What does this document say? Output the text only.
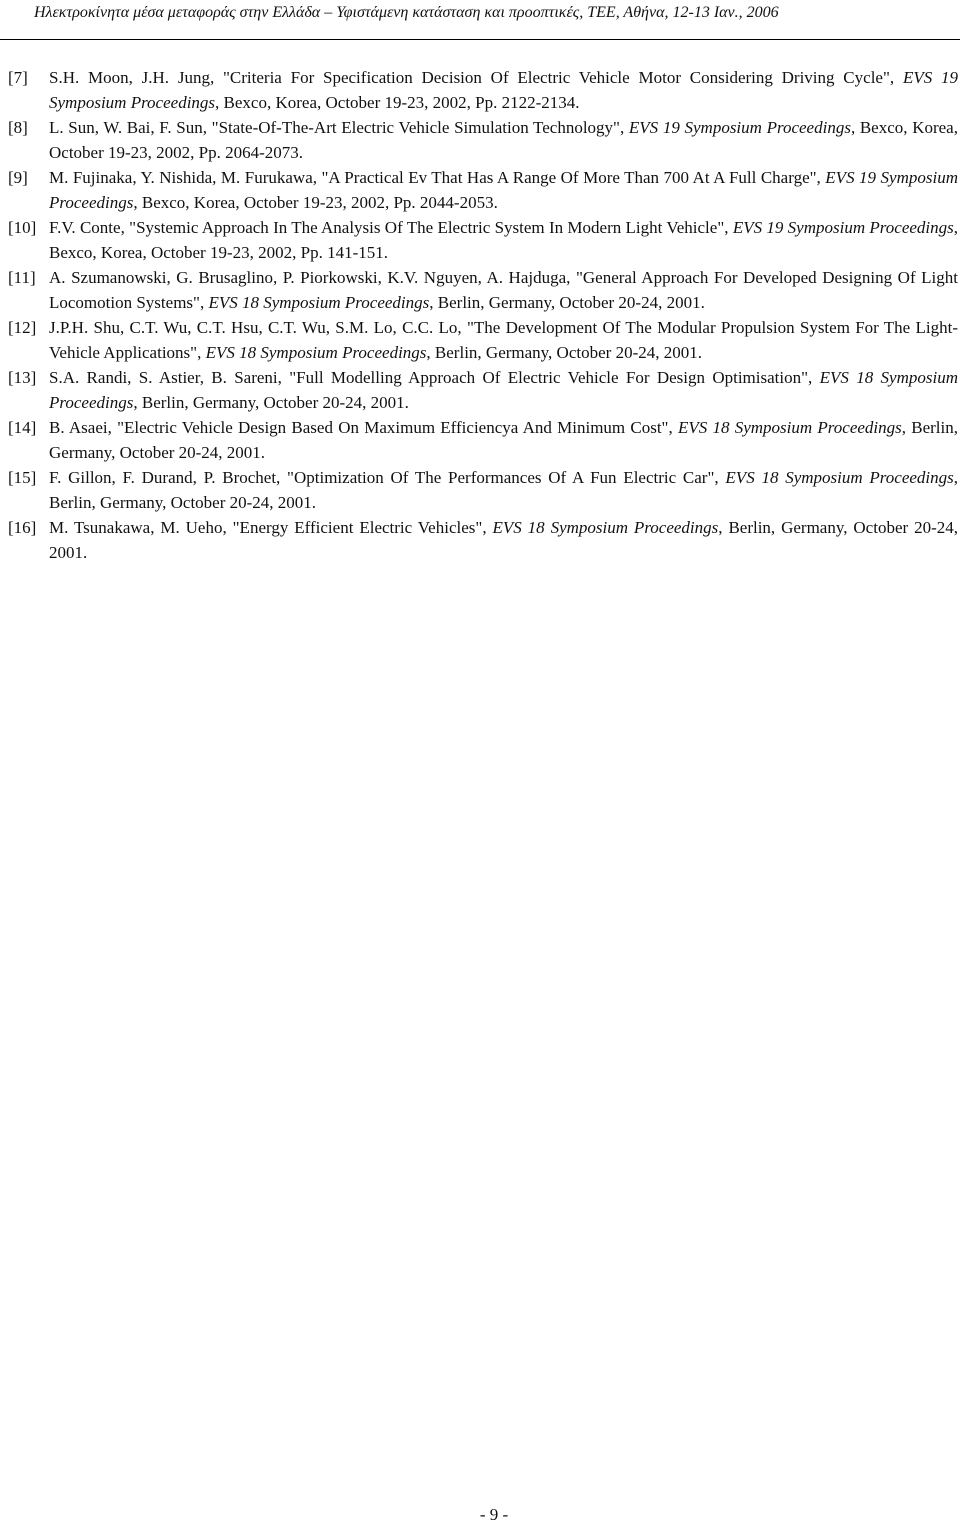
Ηλεκτροκίνητα μέσα μεταφοράς στην Ελλάδα – Υφιστάμενη κατάσταση και προοπτικές, ΤΕΕ, Αθήνα, 12-13 Ιαν., 2006
[7] S.H. Moon, J.H. Jung, "Criteria For Specification Decision Of Electric Vehicle Motor Considering Driving Cycle", EVS 19 Symposium Proceedings, Bexco, Korea, October 19-23, 2002, Pp. 2122-2134.
[8] L. Sun, W. Bai, F. Sun, "State-Of-The-Art Electric Vehicle Simulation Technology", EVS 19 Symposium Proceedings, Bexco, Korea, October 19-23, 2002, Pp. 2064-2073.
[9] M. Fujinaka, Y. Nishida, M. Furukawa, "A Practical Ev That Has A Range Of More Than 700 At A Full Charge", EVS 19 Symposium Proceedings, Bexco, Korea, October 19-23, 2002, Pp. 2044-2053.
[10] F.V. Conte, "Systemic Approach In The Analysis Of The Electric System In Modern Light Vehicle", EVS 19 Symposium Proceedings, Bexco, Korea, October 19-23, 2002, Pp. 141-151.
[11] A. Szumanowski, G. Brusaglino, P. Piorkowski, K.V. Nguyen, A. Hajduga, "General Approach For Developed Designing Of Light Locomotion Systems", EVS 18 Symposium Proceedings, Berlin, Germany, October 20-24, 2001.
[12] J.P.H. Shu, C.T. Wu, C.T. Hsu, C.T. Wu, S.M. Lo, C.C. Lo, "The Development Of The Modular Propulsion System For The Light-Vehicle Applications", EVS 18 Symposium Proceedings, Berlin, Germany, October 20-24, 2001.
[13] S.A. Randi, S. Astier, B. Sareni, "Full Modelling Approach Of Electric Vehicle For Design Optimisation", EVS 18 Symposium Proceedings, Berlin, Germany, October 20-24, 2001.
[14] B. Asaei, "Electric Vehicle Design Based On Maximum Efficiencya And Minimum Cost", EVS 18 Symposium Proceedings, Berlin, Germany, October 20-24, 2001.
[15] F. Gillon, F. Durand, P. Brochet, "Optimization Of The Performances Of A Fun Electric Car", EVS 18 Symposium Proceedings, Berlin, Germany, October 20-24, 2001.
[16] M. Tsunakawa, M. Ueho, "Energy Efficient Electric Vehicles", EVS 18 Symposium Proceedings, Berlin, Germany, October 20-24, 2001.
- 9 -
